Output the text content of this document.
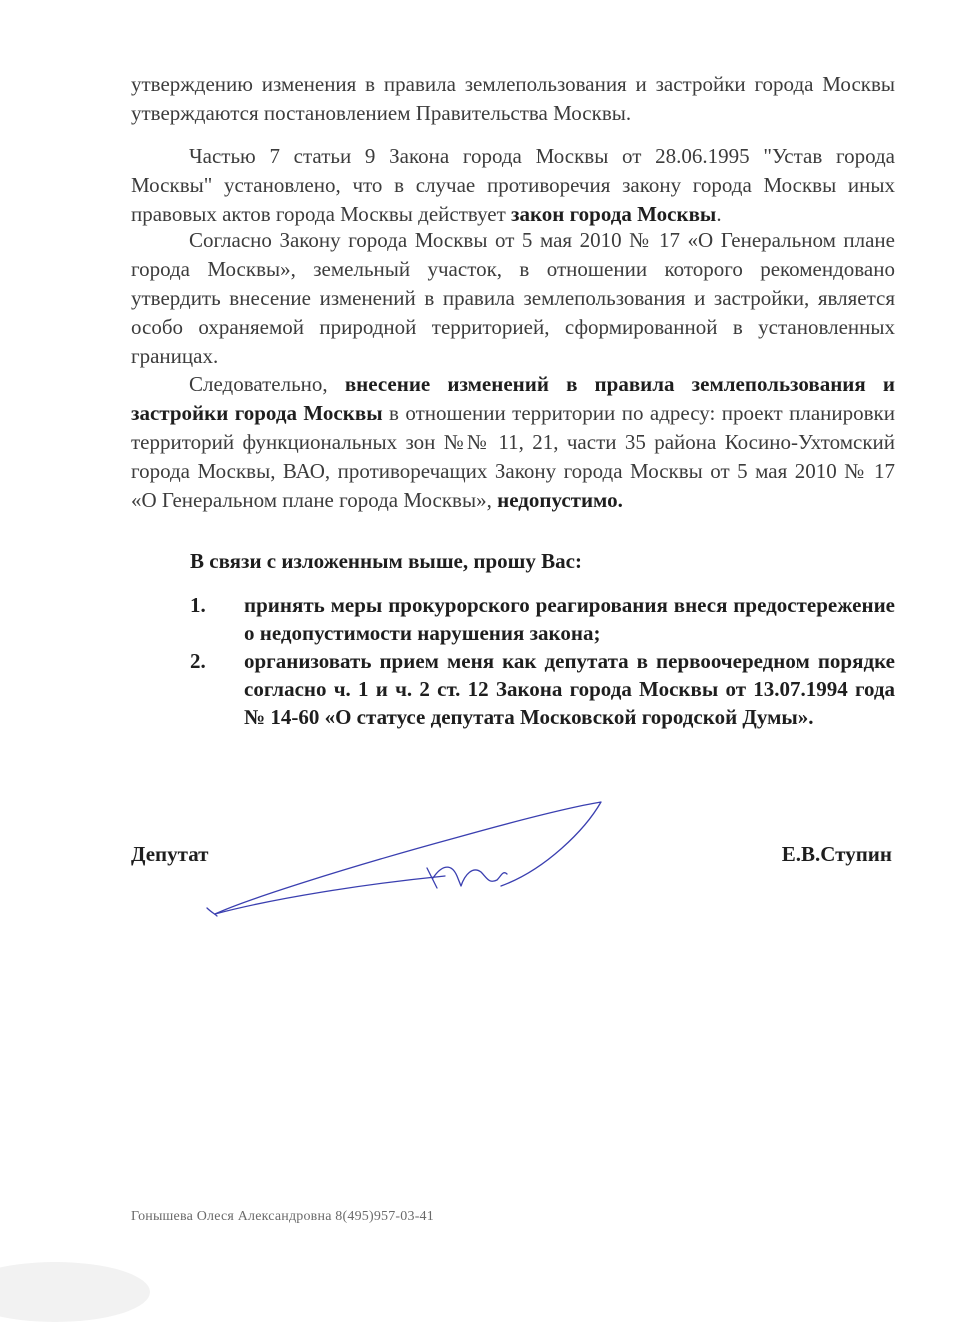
утверждению изменения в правила землепользования и застройки города Москвы утверждаются постановлением Правительства Москвы.

Частью 7 статьи 9 Закона города Москвы от 28.06.1995 "Устав города Москвы" установлено, что в случае противоречия закону города Москвы иных правовых актов города Москвы действует закон города Москвы.

Согласно Закону города Москвы от 5 мая 2010 № 17 «О Генеральном плане города Москвы», земельный участок, в отношении которого рекомендовано утвердить внесение изменений в правила землепользования и застройки, является особо охраняемой природной территорией, сформированной в установленных границах.

Следовательно, внесение изменений в правила землепользования и застройки города Москвы в отношении территории по адресу: проект планировки территорий функциональных зон №№ 11, 21, части 35 района Косино-Ухтомский города Москвы, ВАО, противоречащих Закону города Москвы от 5 мая 2010 № 17 «О Генеральном плане города Москвы», недопустимо.

В связи с изложенным выше, прошу Вас:
1. принять меры прокурорского реагирования внеся предостережение о недопустимости нарушения закона;
2. организовать прием меня как депутата в первоочередном порядке согласно ч. 1 и ч. 2 ст. 12 Закона города Москвы от 13.07.1994 года № 14-60 «О статусе депутата Московской городской Думы».
Депутат	Е.В.Ступин
Гонышева Олеся Александровна 8(495)957-03-41
